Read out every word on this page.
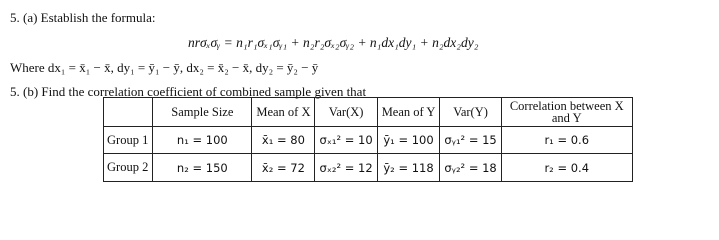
5. (a) Establish the formula:
nrσₓσᵧ = n₁r₁σₓ₁σᵧ₁ + n₂r₂σₓ₂σᵧ₂ + n₁dx₁dy₁ + n₂dx₂dy₂
Where dx₁ = x̄₁ − x̄, dy₁ = ȳ₁ − ȳ, dx₂ = x̄₂ − x̄, dy₂ = ȳ₂ − ȳ
5. (b) Find the correlation coefficient of combined sample given that
	Sample Size	Mean of X	Var(X)	Mean of Y	Var(Y)	Correlation between X and Y
Group 1	n₁ = 100	x̄₁ = 80	σₓ₁² = 10	ȳ₁ = 100	σᵧ₁² = 15	r₁ = 0.6
Group 2	n₂ = 150	x̄₂ = 72	σₓ₂² = 12	ȳ₂ = 118	σᵧ₂² = 18	r₂ = 0.4
